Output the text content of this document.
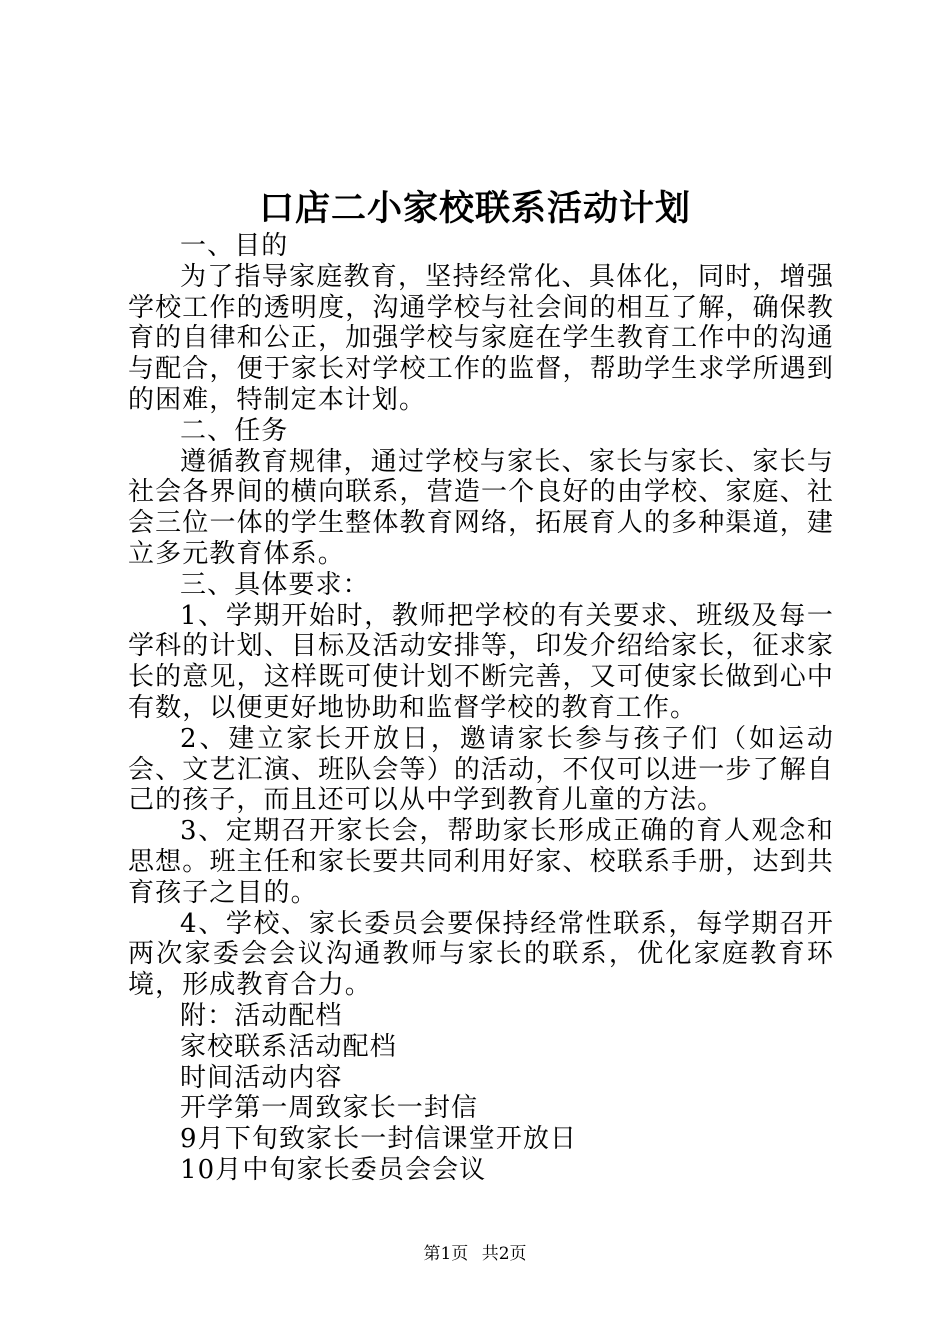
口店二小家校联系活动计划

一、目的

为了指导家庭教育，坚持经常化、具体化，同时，增强学校工作的透明度，沟通学校与社会间的相互了解，确保教育的自律和公正，加强学校与家庭在学生教育工作中的沟通与配合，便于家长对学校工作的监督，帮助学生求学所遇到的困难，特制定本计划。

二、任务

遵循教育规律，通过学校与家长、家长与家长、家长与社会各界间的横向联系，营造一个良好的由学校、家庭、社会三位一体的学生整体教育网络，拓展育人的多种渠道，建立多元教育体系。

三、具体要求：

1、学期开始时，教师把学校的有关要求、班级及每一学科的计划、目标及活动安排等，印发介绍给家长，征求家长的意见，这样既可使计划不断完善，又可使家长做到心中有数，以便更好地协助和监督学校的教育工作。

2、建立家长开放日，邀请家长参与孩子们（如运动会、文艺汇演、班队会等）的活动，不仅可以进一步了解自己的孩子，而且还可以从中学到教育儿童的方法。

3、定期召开家长会，帮助家长形成正确的育人观念和思想。班主任和家长要共同利用好家、校联系手册，达到共育孩子之目的。

4、学校、家长委员会要保持经常性联系，每学期召开两次家委会会议沟通教师与家长的联系，优化家庭教育环境，形成教育合力。

附：活动配档

家校联系活动配档

时间活动内容

开学第一周致家长一封信

9月下旬致家长一封信课堂开放日

10月中旬家长委员会会议

第1页 共2页
